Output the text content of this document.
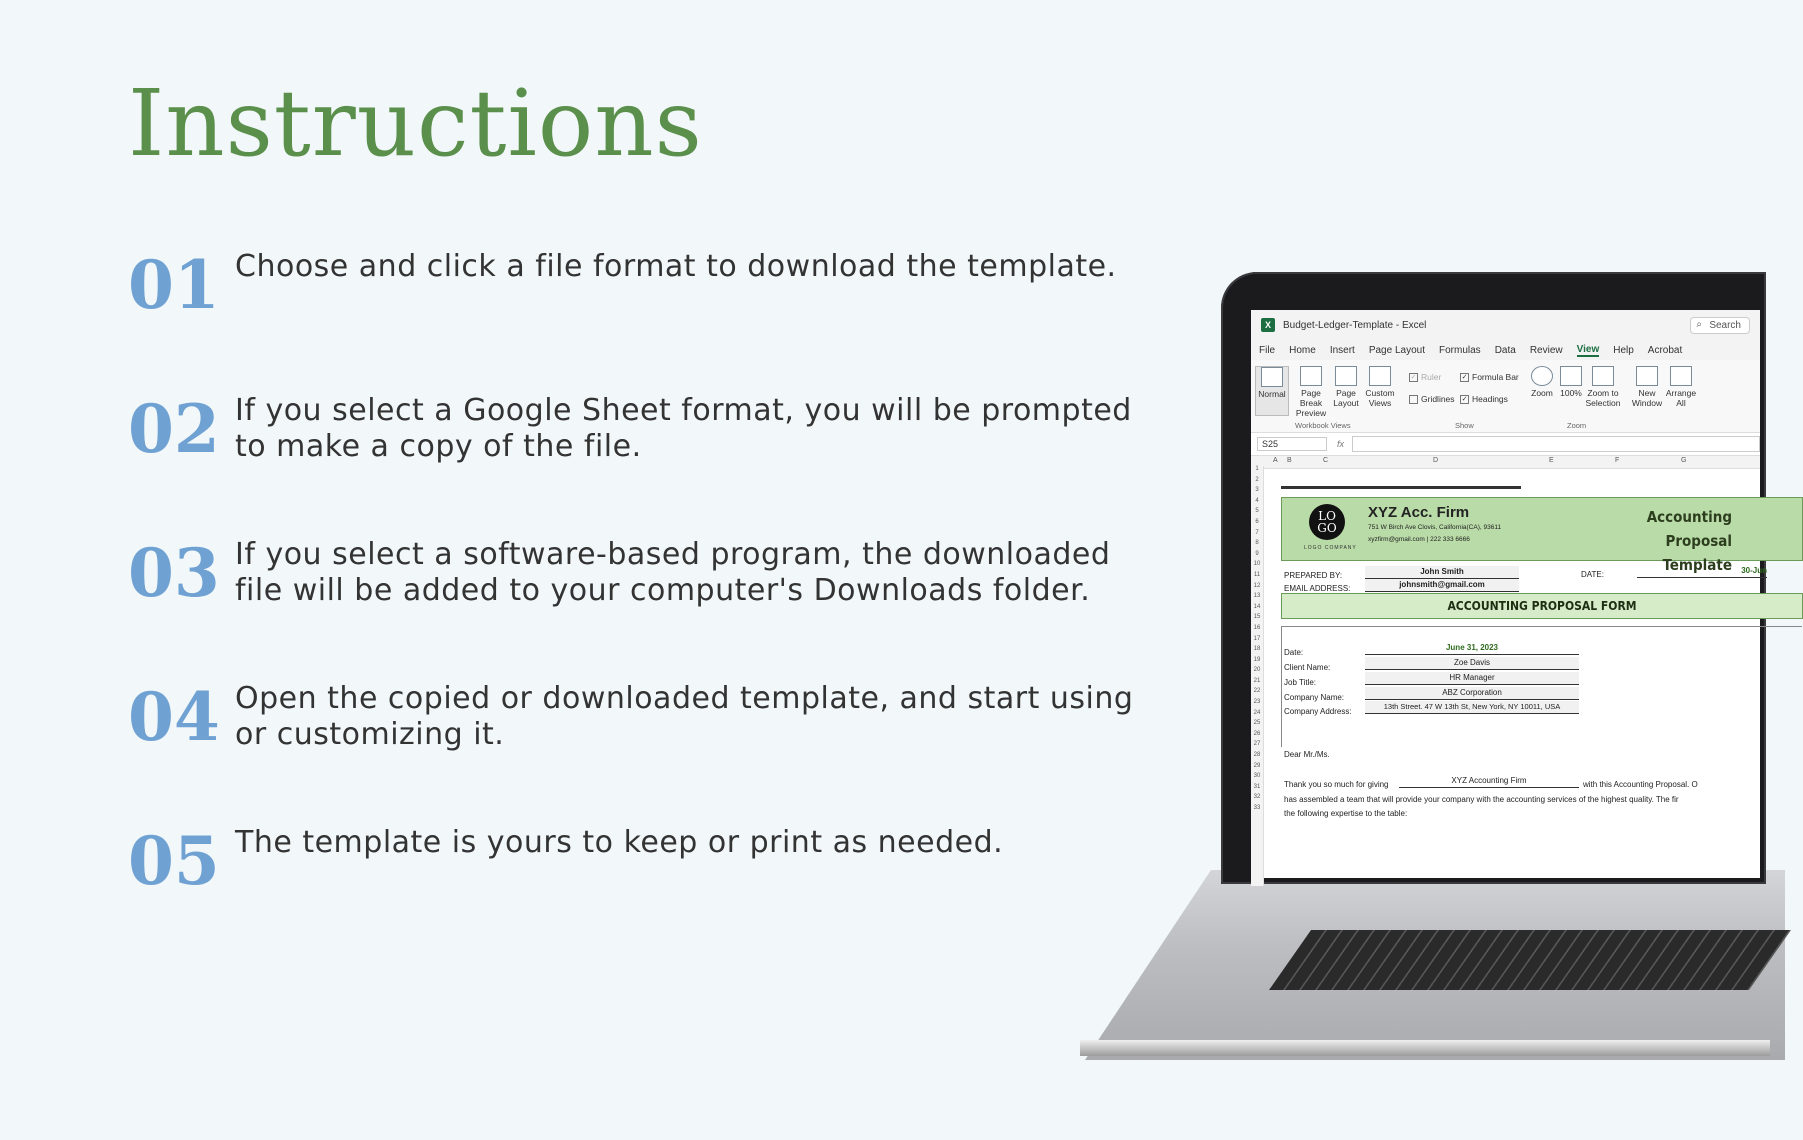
Instructions
01 Choose and click a file format to download the template.
02 If you select a Google Sheet format, you will be prompted to make a copy of the file.
03 If you select a software-based program, the downloaded file will be added to your computer's Downloads folder.
04 Open the copied or downloaded template, and start using or customizing it.
05 The template is yours to keep or print as needed.
X	Budget-Ledger-Template - Excel	⌕ Search
File Home Insert Page Layout Formulas Data Review View Help Acrobat
Normal	Page Break Preview
Page Layout
Custom Views
Workbook Views
✓ Ruler	✓ Formula Bar
Gridlines ✓ Headings
Show
Zoom 100% Zoom to Selection
Zoom
New Window
Arrange All
S25	fx
A B	C	D	E	F	G
1
2
3
4
5
6
7
8
9
10
11
12
13
14
15
16
17
18
19
20
21
22
23
24
25
26
27
28
29
30
31
32
33
LO
GO
LOGO COMPANY
XYZ Acc. Firm
751 W Birch Ave Clovis, California(CA), 93611
xyzfirm@gmail.com | 222 333 6666
Accounting Proposal Template
PREPARED BY:	John Smith
EMAIL ADDRESS:	johnsmith@gmail.com
DATE:	30-Jun
ACCOUNTING PROPOSAL FORM
Date:
June 31, 2023
Client Name:
Zoe Davis
Job Title:
HR Manager
Company Name:
ABZ Corporation
Company Address:
13th Street. 47 W 13th St, New York, NY 10011, USA
Dear Mr./Ms.
Thank you so much for giving	XYZ Accounting Firm	with this Accounting Proposal. O
has assembled a team that will provide your company with the accounting services of the highest quality. The fir
the following expertise to the table:
